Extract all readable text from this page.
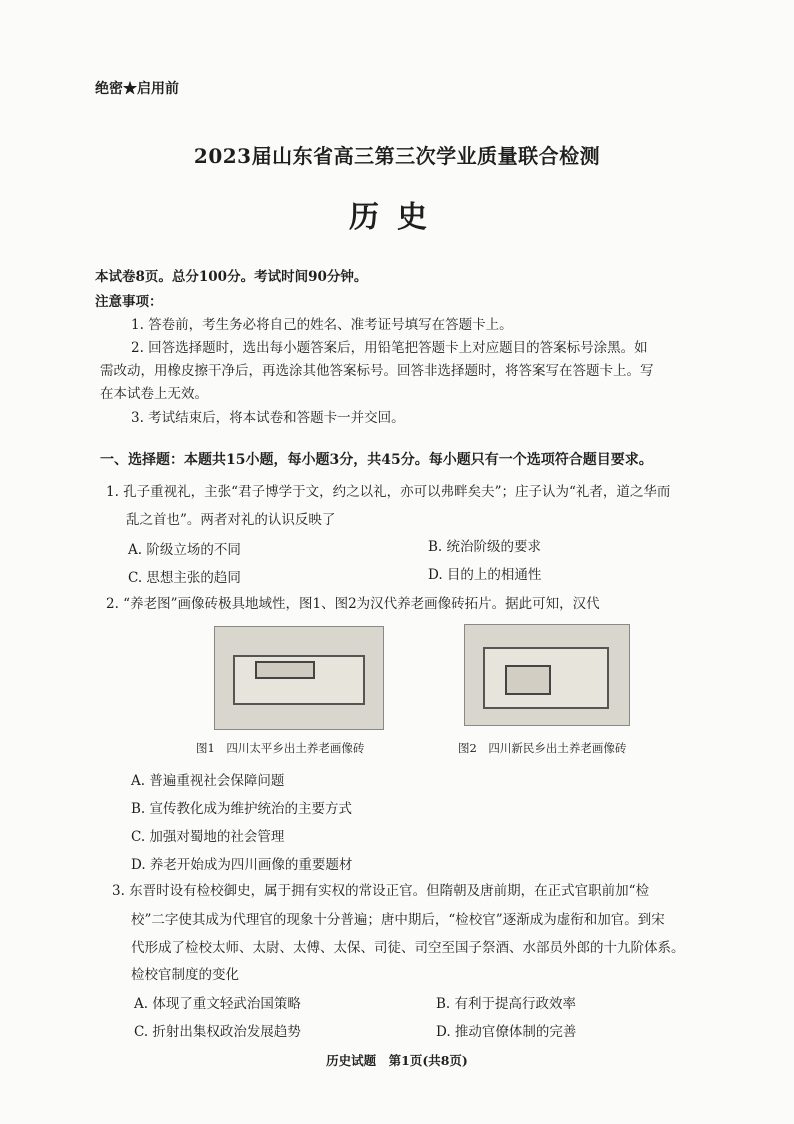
绝密★启用前
2023届山东省高三第三次学业质量联合检测
历史
本试卷8页。总分100分。考试时间90分钟。
注意事项：
1. 答卷前，考生务必将自己的姓名、准考证号填写在答题卡上。
2. 回答选择题时，选出每小题答案后，用铅笔把答题卡上对应题目的答案标号涂黑。如
需改动，用橡皮擦干净后，再选涂其他答案标号。回答非选择题时，将答案写在答题卡上。写
在本试卷上无效。
3. 考试结束后，将本试卷和答题卡一并交回。
一、选择题：本题共15小题，每小题3分，共45分。每小题只有一个选项符合题目要求。
1. 孔子重视礼，主张“君子博学于文，约之以礼，亦可以弗畔矣夫”；庄子认为“礼者，道之华而
乱之首也”。两者对礼的认识反映了
A. 阶级立场的不同	B. 统治阶级的要求
C. 思想主张的趋同	D. 目的上的相通性
2. “养老图”画像砖极具地域性，图1、图2为汉代养老画像砖拓片。据此可知，汉代
图1　四川太平乡出土养老画像砖	图2　四川新民乡出土养老画像砖
A. 普遍重视社会保障问题
B. 宣传教化成为维护统治的主要方式
C. 加强对蜀地的社会管理
D. 养老开始成为四川画像的重要题材
3. 东晋时设有检校御史，属于拥有实权的常设正官。但隋朝及唐前期，在正式官职前加“检
校”二字使其成为代理官的现象十分普遍；唐中期后，“检校官”逐渐成为虚衔和加官。到宋
代形成了检校太师、太尉、太傅、太保、司徒、司空至国子祭酒、水部员外郎的十九阶体系。
检校官制度的变化
A. 体现了重文轻武治国策略	B. 有利于提高行政效率
C. 折射出集权政治发展趋势	D. 推动官僚体制的完善
历史试题　第1页(共8页)
